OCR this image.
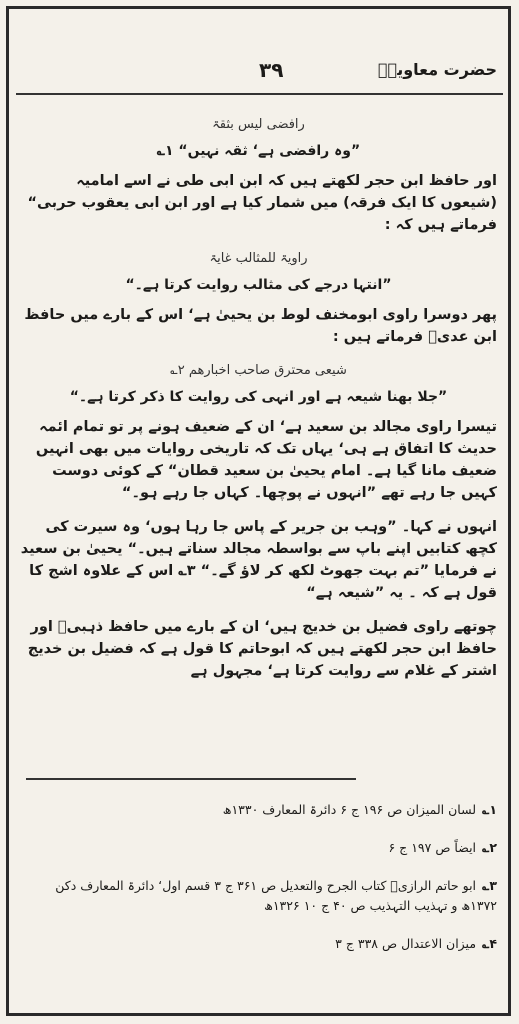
۳۹	حضرت معاویہؓ
رافضی لیس بثقۃ
”وہ رافضی ہے‘ ثقہ نہیں“ ۱؎

اور حافظ ابن حجر لکھتے ہیں کہ ابن ابی طی نے اسے امامیہ (شیعوں کا ایک فرقہ) میں شمار کیا ہے اور ابن ابی یعقوب حربی“ فرماتے ہیں کہ :

راویۃ للمثالب غایۃ
”انتہا درجے کی مثالب روایت کرتا ہے۔“

پھر دوسرا راوی ابومخنف لوط بن یحییٰ ہے‘ اس کے بارے میں حافظ ابن عدیؒ فرماتے ہیں :

شیعی محترق صاحب اخبارھم ۲؎
”جلا بھنا شیعہ ہے اور انہی کی روایت کا ذکر کرتا ہے۔“

تیسرا راوی مجالد بن سعید ہے‘ ان کے ضعیف ہونے پر تو تمام ائمہ حدیث کا اتفاق ہے ہی‘ یہاں تک کہ تاریخی روایات میں بھی انہیں ضعیف مانا گیا ہے۔ امام یحییٰ بن سعید قطان“ کے کوئی دوست کہیں جا رہے تھے ”انہوں نے پوچھا۔ کہاں جا رہے ہو۔“

انہوں نے کہا۔ ”وہب بن جریر کے پاس جا رہا ہوں‘ وہ سیرت کی کچھ کتابیں اپنے باپ سے بواسطہ مجالد سناتے ہیں۔“ یحییٰ بن سعید نے فرمایا ”تم بہت جھوٹ لکھ کر لاؤ گے۔“ ۳؎ اس کے علاوہ اشج کا قول ہے کہ ۔ یہ ”شیعہ ہے“

چوتھے راوی فضیل بن خدیج ہیں‘ ان کے بارے میں حافظ ذہبیؒ اور حافظ ابن حجر لکھتے ہیں کہ ابوحاتم کا قول ہے کہ فضیل بن خدیج اشتر کے غلام سے روایت کرتا ہے‘ مجہول ہے

۱؎لسان المیزان ص ۱۹۶ ج ۶ دائرۃ المعارف ۱۳۳۰ھ
۲؎ایضاً ص ۱۹۷ ج ۶
۳؎ابو حاتم الرازیؒ کتاب الجرح والتعدیل ص ۳۶۱ ج ۳ قسم اول‘ دائرۃ المعارف دکن ۱۳۷۲ھ و تہذیب التہذیب ص ۴۰ ج ۱۰ ۱۳۲۶ھ
۴؎میزان الاعتدال ص ۳۳۸ ج ۳
